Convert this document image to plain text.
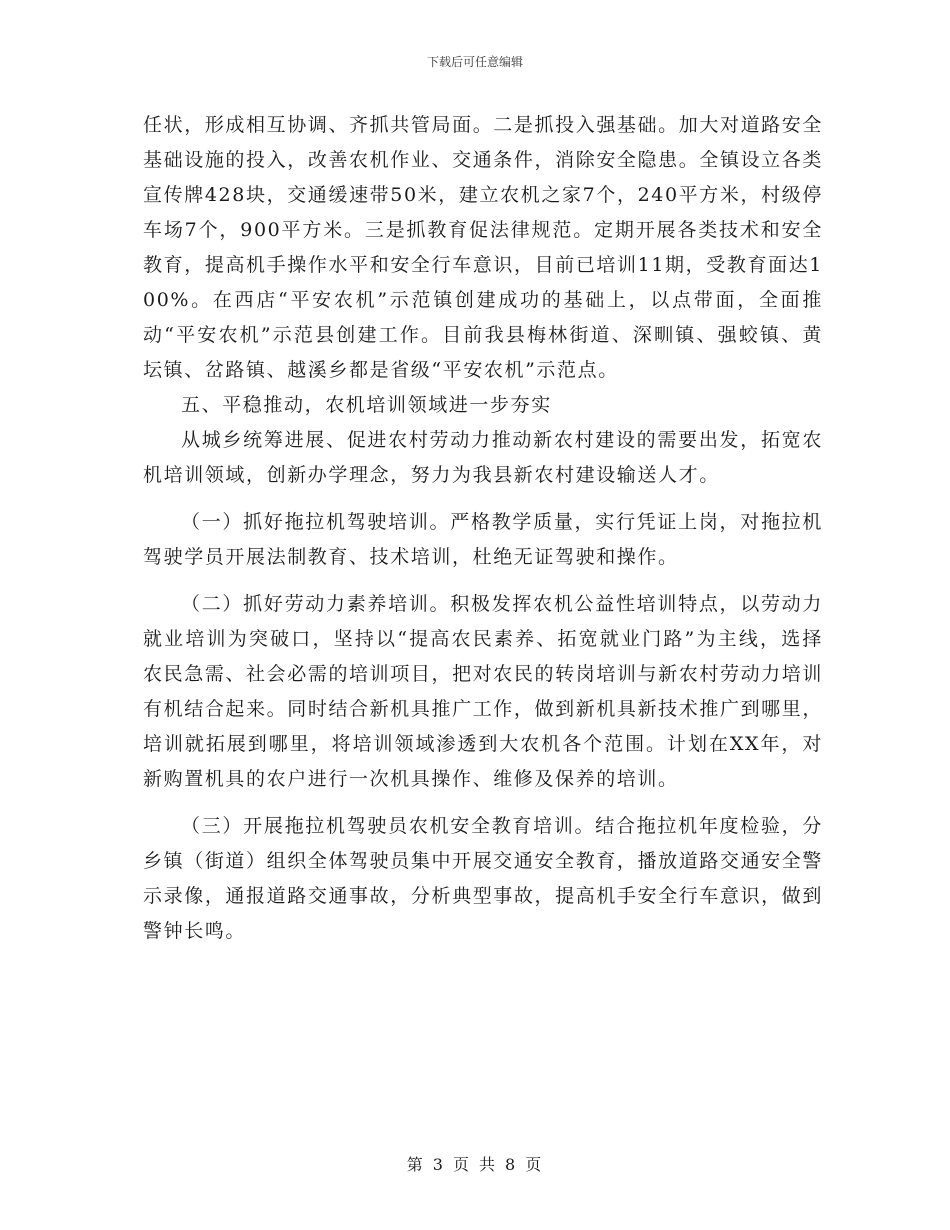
下载后可任意编辑

任状，形成相互协调、齐抓共管局面。二是抓投入强基础。加大对道路安全基础设施的投入，改善农机作业、交通条件，消除安全隐患。全镇设立各类宣传牌428块，交通缓速带50米，建立农机之家7个，240平方米，村级停车场7个，900平方米。三是抓教育促法律规范。定期开展各类技术和安全教育，提高机手操作水平和安全行车意识，目前已培训11期，受教育面达100%。在西店“平安农机”示范镇创建成功的基础上，以点带面，全面推动“平安农机”示范县创建工作。目前我县梅林街道、深甽镇、强蛟镇、黄坛镇、岔路镇、越溪乡都是省级“平安农机”示范点。

五、平稳推动，农机培训领域进一步夯实

从城乡统筹进展、促进农村劳动力推动新农村建设的需要出发，拓宽农机培训领域，创新办学理念，努力为我县新农村建设输送人才。

（一）抓好拖拉机驾驶培训。严格教学质量，实行凭证上岗，对拖拉机驾驶学员开展法制教育、技术培训，杜绝无证驾驶和操作。

（二）抓好劳动力素养培训。积极发挥农机公益性培训特点，以劳动力就业培训为突破口，坚持以“提高农民素养、拓宽就业门路”为主线，选择农民急需、社会必需的培训项目，把对农民的转岗培训与新农村劳动力培训有机结合起来。同时结合新机具推广工作，做到新机具新技术推广到哪里，培训就拓展到哪里，将培训领域渗透到大农机各个范围。计划在XX年，对新购置机具的农户进行一次机具操作、维修及保养的培训。

（三）开展拖拉机驾驶员农机安全教育培训。结合拖拉机年度检验，分乡镇（街道）组织全体驾驶员集中开展交通安全教育，播放道路交通安全警示录像，通报道路交通事故，分析典型事故，提高机手安全行车意识，做到警钟长鸣。

第 3 页 共 8 页
